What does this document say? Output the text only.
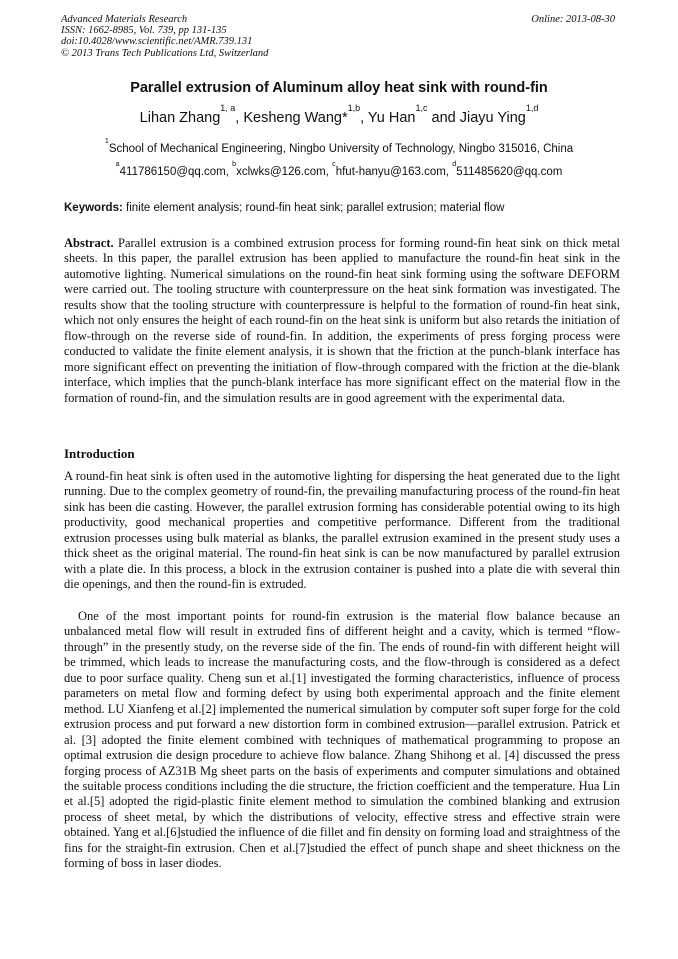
Advanced Materials Research
ISSN: 1662-8985, Vol. 739, pp 131-135
doi:10.4028/www.scientific.net/AMR.739.131
© 2013 Trans Tech Publications Ltd, Switzerland
Online: 2013-08-30
Parallel extrusion of Aluminum alloy heat sink with round-fin
Lihan Zhang$^{1, a}$, Kesheng Wang*$^{1,b}$, Yu Han$^{1,c}$ and Jiayu Ying$^{1,d}$
$^1$School of Mechanical Engineering, Ningbo University of Technology, Ningbo 315016, China
$^a$411786150@qq.com, $^b$xclwks@126.com, $^c$hfut-hanyu@163.com, $^d$511485620@qq.com
Keywords: finite element analysis; round-fin heat sink; parallel extrusion; material flow
Abstract. Parallel extrusion is a combined extrusion process for forming round-fin heat sink on thick metal sheets. In this paper, the parallel extrusion has been applied to manufacture the round-fin heat sink in the automotive lighting. Numerical simulations on the round-fin heat sink forming using the software DEFORM were carried out. The tooling structure with counterpressure on the heat sink formation was investigated. The results show that the tooling structure with counterpressure is helpful to the formation of round-fin heat sink, which not only ensures the height of each round-fin on the heat sink is uniform but also retards the initiation of flow-through on the reverse side of round-fin. In addition, the experiments of press forging process were conducted to validate the finite element analysis, it is shown that the friction at the punch-blank interface has more significant effect on preventing the initiation of flow-through compared with the friction at the die-blank interface, which implies that the punch-blank interface has more significant effect on the material flow in the formation of round-fin, and the simulation results are in good agreement with the experimental data.
Introduction
A round-fin heat sink is often used in the automotive lighting for dispersing the heat generated due to the light running. Due to the complex geometry of round-fin, the prevailing manufacturing process of the round-fin heat sink has been die casting. However, the parallel extrusion forming has considerable potential owing to its high productivity, good mechanical properties and competitive performance. Different from the traditional extrusion processes using bulk material as blanks, the parallel extrusion examined in the present study uses a thick sheet as the original material. The round-fin heat sink is can be now manufactured by parallel extrusion with a plate die. In this process, a block in the extrusion container is pushed into a plate die with several thin die openings, and then the round-fin is extruded.
One of the most important points for round-fin extrusion is the material flow balance because an unbalanced metal flow will result in extruded fins of different height and a cavity, which is termed “flow-through” in the presently study, on the reverse side of the fin. The ends of round-fin with different height will be trimmed, which leads to increase the manufacturing costs, and the flow-through is considered as a defect due to poor surface quality. Cheng sun et al.[1] investigated the forming characteristics, influence of process parameters on metal flow and forming defect by using both experimental approach and the finite element method. LU Xianfeng et al.[2] implemented the numerical simulation by computer soft super forge for the cold extrusion process and put forward a new distortion form in combined extrusion—parallel extrusion. Patrick et al. [3] adopted the finite element combined with techniques of mathematical programming to propose an optimal extrusion die design procedure to achieve flow balance. Zhang Shihong et al. [4] discussed the press forging process of AZ31B Mg sheet parts on the basis of experiments and computer simulations and obtained the suitable process conditions including the die structure, the friction coefficient and the temperature. Hua Lin et al.[5] adopted the rigid-plastic finite element method to simulation the combined blanking and extrusion process of sheet metal, by which the distributions of velocity, effective stress and effective strain were obtained. Yang et al.[6]studied the influence of die fillet and fin density on forming load and straightness of the fins for the straight-fin extrusion. Chen et al.[7]studied the effect of punch shape and sheet thickness on the forming of boss in laser diodes.
